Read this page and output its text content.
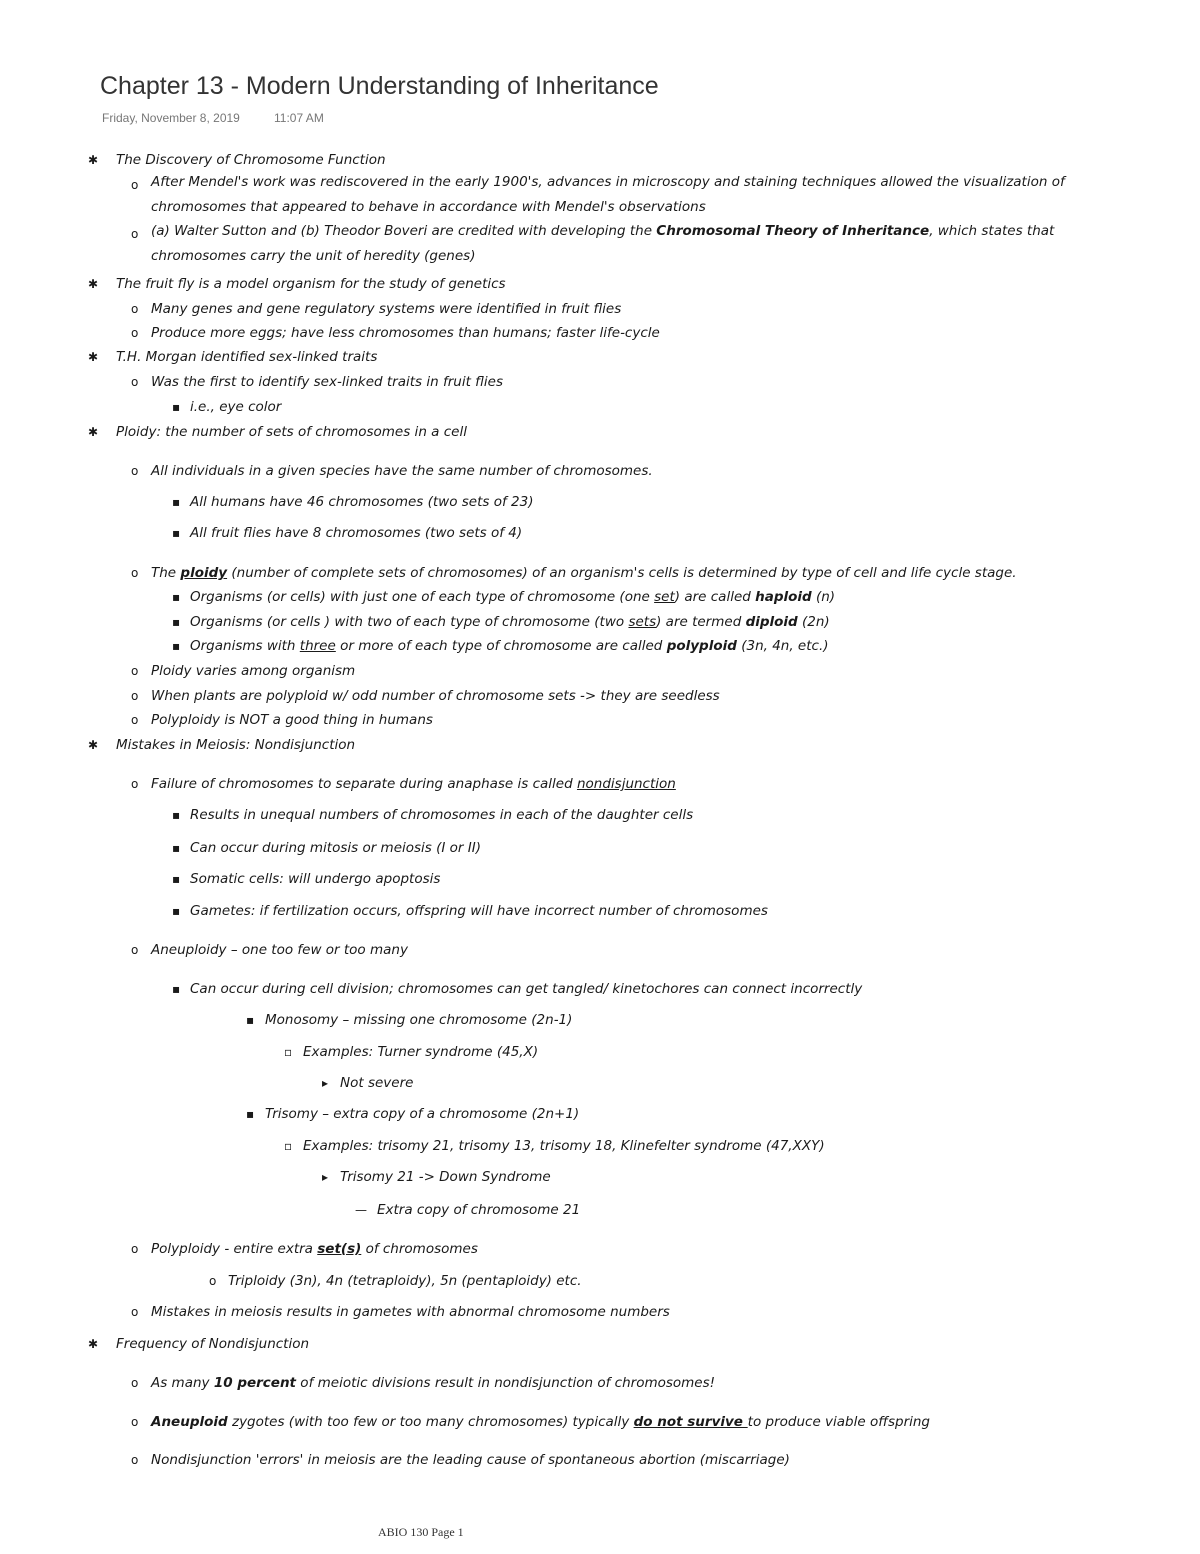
Chapter 13 - Modern Understanding of Inheritance
Friday, November 8, 2019	11:07 AM
✱ The Discovery of Chromosome Function
o After Mendel's work was rediscovered in the early 1900's, advances in microscopy and staining techniques allowed the visualization of chromosomes that appeared to behave in accordance with Mendel's observations
o (a) Walter Sutton and (b) Theodor Boveri are credited with developing the Chromosomal Theory of Inheritance, which states that chromosomes carry the unit of heredity (genes)
✱ The fruit fly is a model organism for the study of genetics
o Many genes and gene regulatory systems were identified in fruit flies
o Produce more eggs; have less chromosomes than humans; faster life-cycle
✱ T.H. Morgan identified sex-linked traits
o Was the first to identify sex-linked traits in fruit flies
▪ i.e., eye color
✱ Ploidy: the number of sets of chromosomes in a cell
o All individuals in a given species have the same number of chromosomes.
▪ All humans have 46 chromosomes (two sets of 23)
▪ All fruit flies have 8 chromosomes (two sets of 4)
o The ploidy (number of complete sets of chromosomes) of an organism's cells is determined by type of cell and life cycle stage.
▪ Organisms (or cells) with just one of each type of chromosome (one set) are called haploid (n)
▪ Organisms (or cells ) with two of each type of chromosome (two sets) are termed diploid (2n)
▪ Organisms with three or more of each type of chromosome are called polyploid (3n, 4n, etc.)
o Ploidy varies among organism
o When plants are polyploid w/ odd number of chromosome sets -> they are seedless
o Polyploidy is NOT a good thing in humans
✱ Mistakes in Meiosis: Nondisjunction
o Failure of chromosomes to separate during anaphase is called nondisjunction
▪ Results in unequal numbers of chromosomes in each of the daughter cells
▪ Can occur during mitosis or meiosis (I or II)
▪ Somatic cells: will undergo apoptosis
▪ Gametes: if fertilization occurs, offspring will have incorrect number of chromosomes
o Aneuploidy – one too few or too many
▪ Can occur during cell division; chromosomes can get tangled/ kinetochores can connect incorrectly
▪ Monosomy – missing one chromosome (2n-1)
▫ Examples: Turner syndrome (45,X)
▸ Not severe
▪ Trisomy – extra copy of a chromosome (2n+1)
▫ Examples: trisomy 21, trisomy 13, trisomy 18, Klinefelter syndrome (47,XXY)
▸ Trisomy 21 -> Down Syndrome
— Extra copy of chromosome 21
o Polyploidy - entire extra set(s) of chromosomes
o Triploidy (3n), 4n (tetraploidy), 5n (pentaploidy) etc.
o Mistakes in meiosis results in gametes with abnormal chromosome numbers
✱ Frequency of Nondisjunction
o As many 10 percent of meiotic divisions result in nondisjunction of chromosomes!
o Aneuploid zygotes (with too few or too many chromosomes) typically do not survive to produce viable offspring
o Nondisjunction 'errors' in meiosis are the leading cause of spontaneous abortion (miscarriage)
ABIO 130 Page 1
